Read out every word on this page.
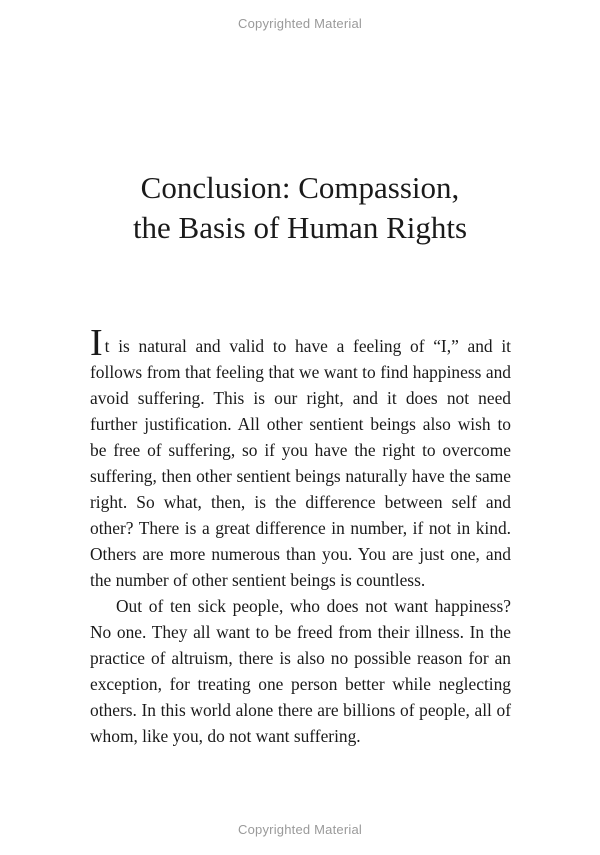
Copyrighted Material
Conclusion: Compassion,
the Basis of Human Rights

It is natural and valid to have a feeling of “I,” and it follows from that feeling that we want to find happiness and avoid suffering. This is our right, and it does not need further justification. All other sentient beings also wish to be free of suffering, so if you have the right to overcome suffering, then other sentient beings naturally have the same right. So what, then, is the difference between self and other? There is a great difference in number, if not in kind. Others are more numerous than you. You are just one, and the number of other sentient beings is countless.

Out of ten sick people, who does not want happiness? No one. They all want to be freed from their illness. In the practice of altruism, there is also no possible reason for an exception, for treating one person better while neglecting others. In this world alone there are billions of people, all of whom, like you, do not want suffering.

Copyrighted Material
